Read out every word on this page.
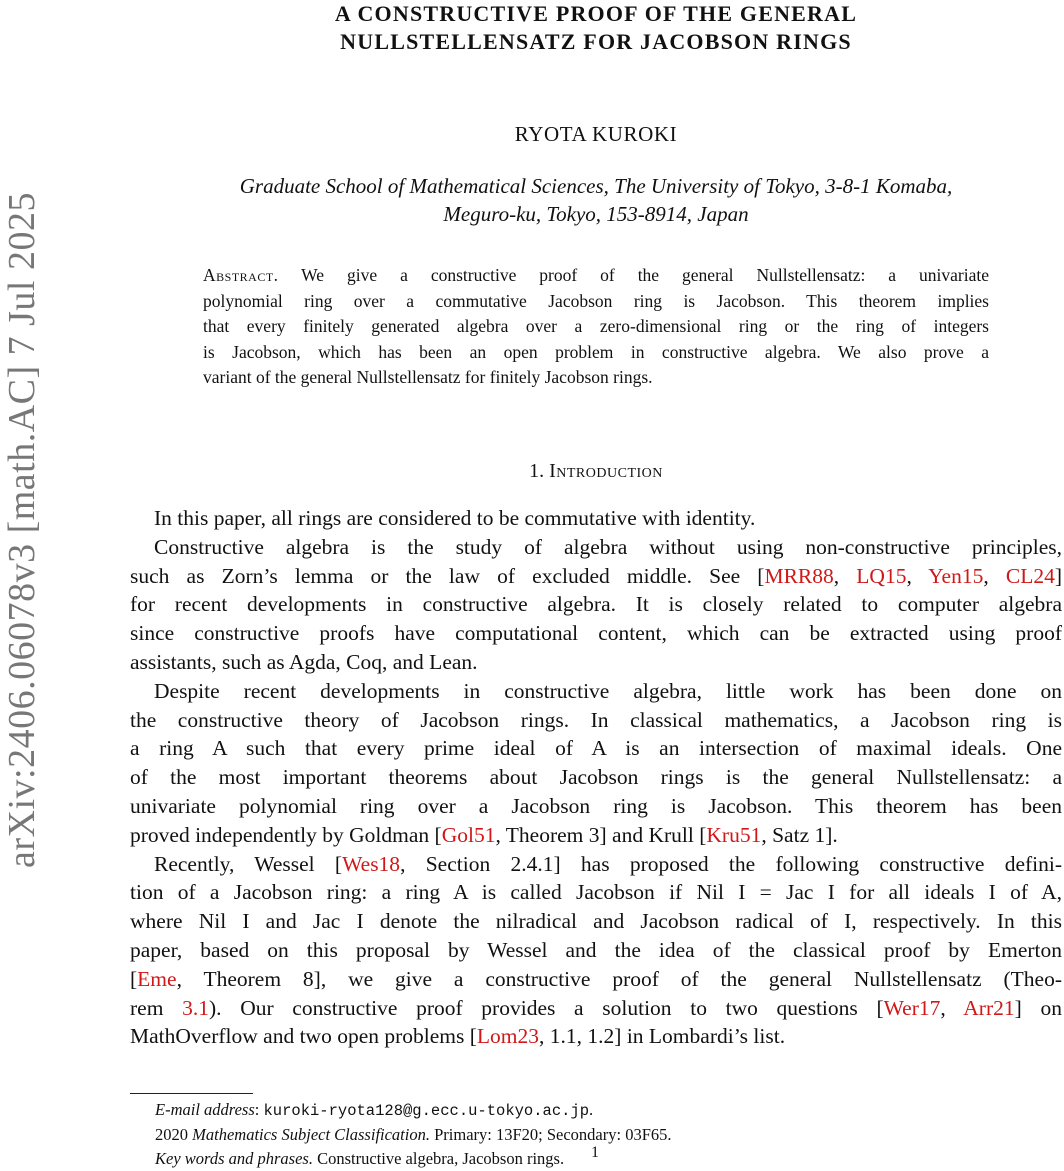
arXiv:2406.06078v3 [math.AC] 7 Jul 2025
A CONSTRUCTIVE PROOF OF THE GENERAL
NULLSTELLENSATZ FOR JACOBSON RINGS
RYOTA KUROKI
Graduate School of Mathematical Sciences, The University of Tokyo, 3-8-1 Komaba,
Meguro-ku, Tokyo, 153-8914, Japan
Abstract. We give a constructive proof of the general Nullstellensatz: a univariate
polynomial ring over a commutative Jacobson ring is Jacobson. This theorem implies
that every finitely generated algebra over a zero-dimensional ring or the ring of integers
is Jacobson, which has been an open problem in constructive algebra. We also prove a
variant of the general Nullstellensatz for finitely Jacobson rings.
1. Introduction
In this paper, all rings are considered to be commutative with identity.
Constructive algebra is the study of algebra without using non-constructive principles,
such as Zorn’s lemma or the law of excluded middle. See [MRR88, LQ15, Yen15, CL24]
for recent developments in constructive algebra. It is closely related to computer algebra
since constructive proofs have computational content, which can be extracted using proof
assistants, such as Agda, Coq, and Lean.
Despite recent developments in constructive algebra, little work has been done on
the constructive theory of Jacobson rings. In classical mathematics, a Jacobson ring is
a ring A such that every prime ideal of A is an intersection of maximal ideals. One
of the most important theorems about Jacobson rings is the general Nullstellensatz: a
univariate polynomial ring over a Jacobson ring is Jacobson. This theorem has been
proved independently by Goldman [Gol51, Theorem 3] and Krull [Kru51, Satz 1].
Recently, Wessel [Wes18, Section 2.4.1] has proposed the following constructive defini-
tion of a Jacobson ring: a ring A is called Jacobson if Nil I = Jac I for all ideals I of A,
where Nil I and Jac I denote the nilradical and Jacobson radical of I, respectively. In this
paper, based on this proposal by Wessel and the idea of the classical proof by Emerton
[Eme, Theorem 8], we give a constructive proof of the general Nullstellensatz (Theo-
rem 3.1). Our constructive proof provides a solution to two questions [Wer17, Arr21] on
MathOverflow and two open problems [Lom23, 1.1, 1.2] in Lombardi’s list.
E-mail address: kuroki-ryota128@g.ecc.u-tokyo.ac.jp.
2020 Mathematics Subject Classification. Primary: 13F20; Secondary: 03F65.
Key words and phrases. Constructive algebra, Jacobson rings.	1
